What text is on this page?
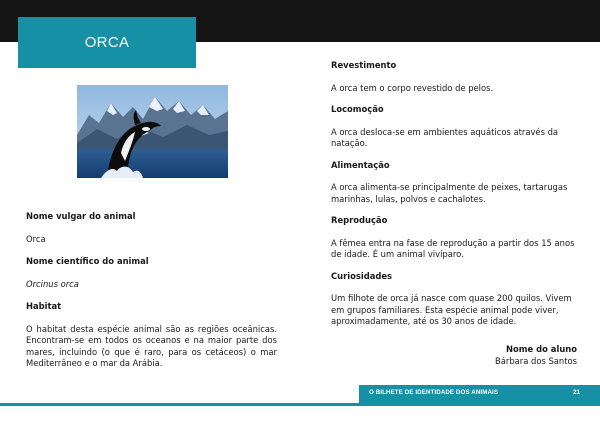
ORCA

Nome vulgar do animal

Orca

Nome científico do animal

Orcinus orca

Habitat

O habitat desta espécie animal são as regiões oceânicas. Encontram-se em todos os oceanos e na maior parte dos mares, incluindo (o que é raro, para os cetáceos) o mar Mediterrâneo e o mar da Arábia.

Revestimento

A orca tem o corpo revestido de pelos.

Locomoção

A orca desloca-se em ambientes aquáticos através da natação.

Alimentação

A orca alimenta-se principalmente de peixes, tartarugas marinhas, lulas, polvos e cachalotes.

Reprodução

A fêmea entra na fase de reprodução a partir dos 15 anos de idade. É um animal vivíparo.

Curiosidades

Um filhote de orca já nasce com quase 200 quilos. Vivem em grupos familiares. Esta espécie animal pode viver, aproximadamente, até os 30 anos de idade.

Nome do aluno
Bárbara dos Santos
O BILHETE DE IDENTIDADE DOS ANIMAIS	21
